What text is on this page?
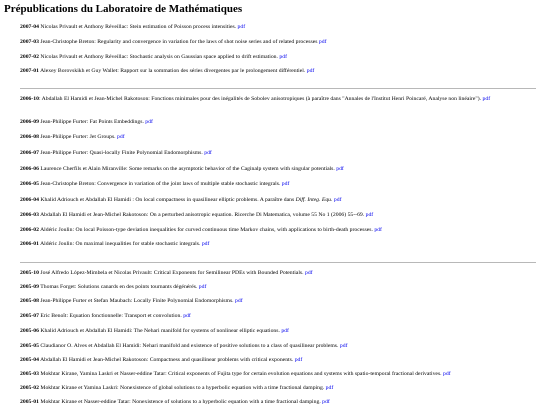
Prépublications du Laboratoire de Mathématiques
2007-04 Nicolas Privault et Anthony Réveillac: Stein estimation of Poisson process intensities. pdf
2007-03 Jean-Christophe Breton: Regularity and convergence in variation for the laws of shot noise series and of related processes pdf
2007-02 Nicolas Privault et Anthony Réveillac: Stochastic analysis on Gaussian space applied to drift estimation. pdf
2007-01 Alexey Borovskikh et Guy Wallet: Rapport sur la sommation des séries divergentes par le prolongement différentiel. pdf
2006-10: Abdallah El Hamidi et Jean-Michel Rakotoson: Fonctions minimales pour des inégalités de Sobolev anisotropiques (à paraître dans "Annales de l'Institut Henri Poincaré, Analyse non linéaire"). pdf
2006-09 Jean-Philippe Furter: Fat Points Embeddings. pdf
2006-08 Jean-Philippe Furter: Jet Groups. pdf
2006-07 Jean-Philippe Furter: Quasi-locally Finite Polynomial Endomorphisms. pdf
2006-06 Laurence Cherfils et Alain Miranville: Some remarks on the asymptotic behavior of the Caginalp system with singular potentials. pdf
2006-05 Jean-Christophe Breton: Convergence in variation of the joint laws of multiple stable stochastic integrals. pdf
2006-04 Khalid Adriouch et Abdallah El Hamidi : On local compactness in quasilinear elliptic problems. A paraître dans Diff. Integ. Equ. pdf
2006-03 Abdallah El Hamidi et Jean-Michel Rakotoson: On a perturbed anisotropic equation. Ricerche Di Matematica, volume 55 No 1 (2006) 55--69. pdf
2006-02 Aldéric Joulin: On local Poisson-type deviation inequalities for curved continuous time Markov chains, with applications to birth-death processes. pdf
2006-01 Aldéric Joulin: On maximal inequalities for stable stochastic integrals. pdf
2005-10 José Alfredo López-Mimbela et Nicolas Privault: Critical Exponents for Semilinear PDEs with Bounded Potentials. pdf
2005-09 Thomas Forget: Solutions canards en des points tournants dégénérés. pdf
2005-08 Jean-Philippe Furter et Stefan Maubach: Locally Finite Polynomial Endomorphisms. pdf
2005-07 Eric Benoît: Equation fonctionnelle: Transport et convolution. pdf
2005-06 Khalid Adriouch et Abdallah El Hamidi: The Nehari manifold for systems of nonlinear elliptic equations. pdf
2005-05 Claudianor O. Alves et Abdallah El Hamidi: Nehari manifold and existence of positive solutions to a class of quasilinear problems. pdf
2005-04 Abdallah El Hamidi et Jean-Michel Rakotoson: Compactness and quasilinear problems with critical exponents. pdf
2005-03 Mokhtar Kirane, Yamina Laskri et Nasser-eddine Tatar: Critical exponents of Fujita type for certain evolution equations and systems with spatio-temporal fractional derivatives. pdf
2005-02 Mokhtar Kirane et Yamina Laskri: Nonexistence of global solutions to a hyperbolic equation with a time fractional damping. pdf
2005-01 Mokhtar Kirane et Nasser-eddine Tatar: Nonexistence of solutions to a hyperbolic equation with a time fractional damping. pdf
